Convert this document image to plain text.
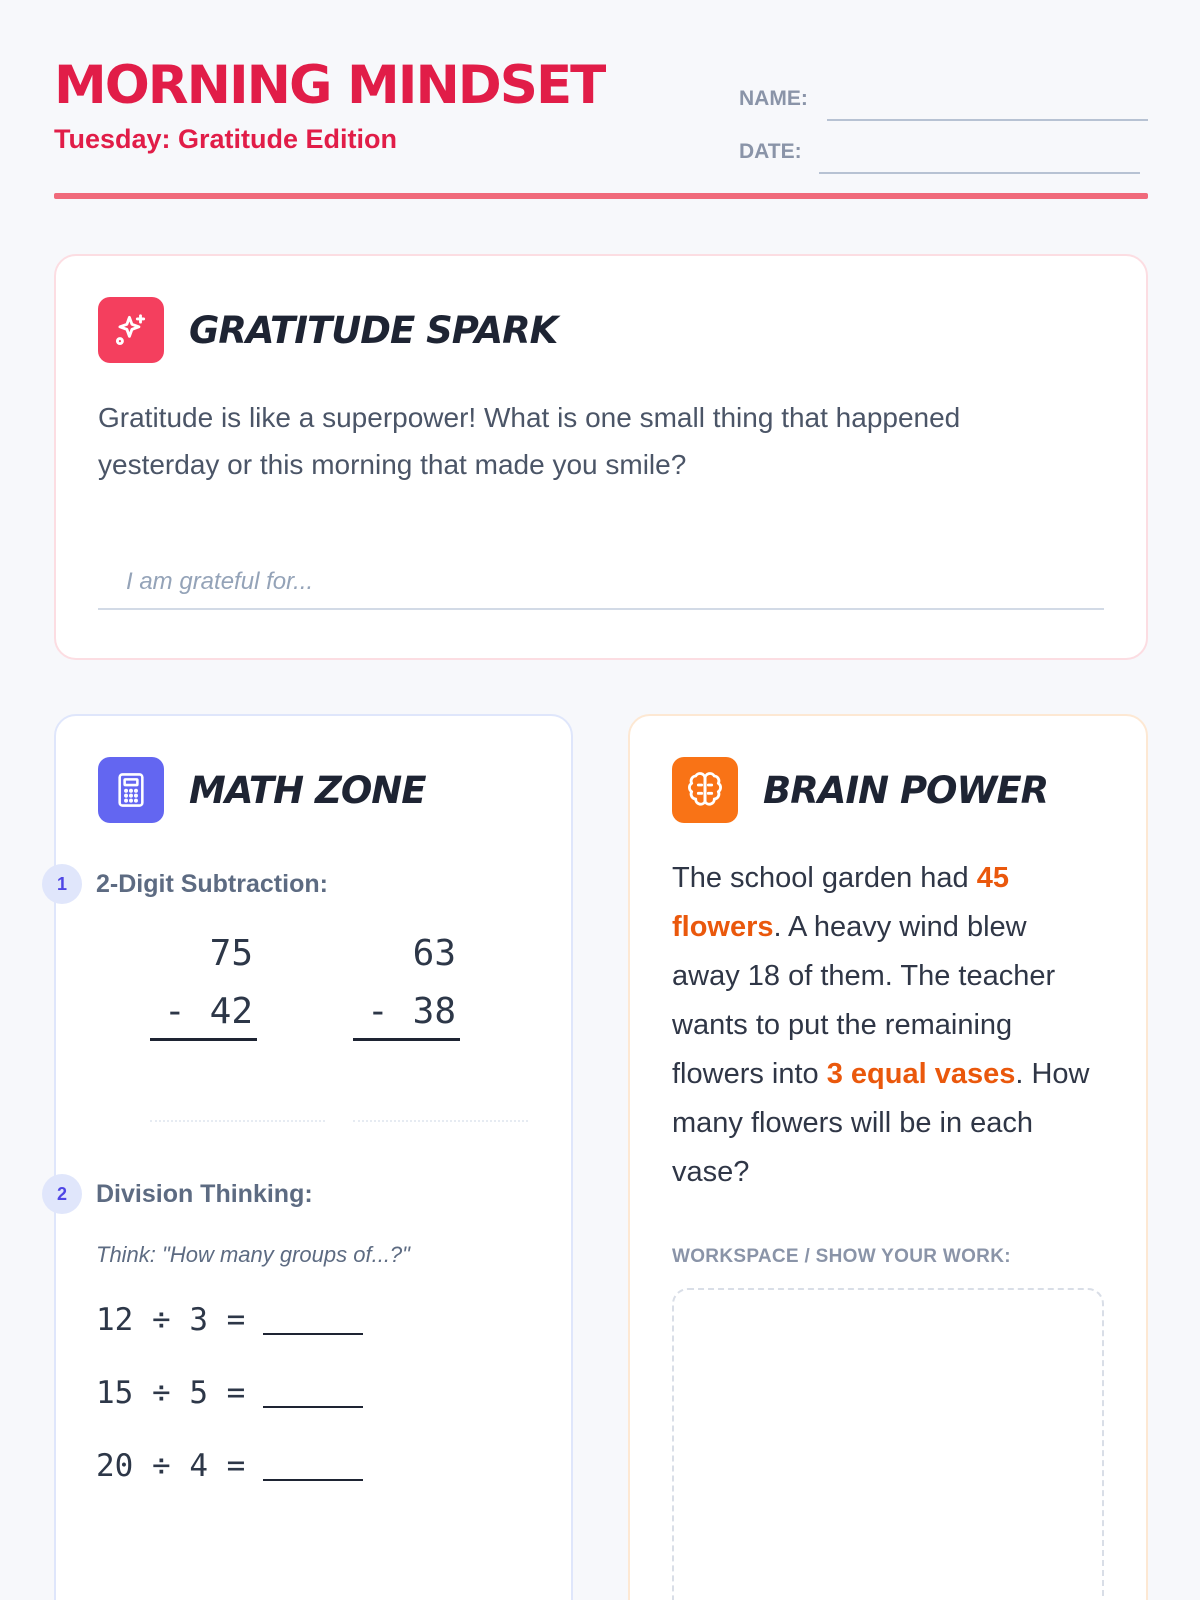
MORNING MINDSET
Tuesday: Gratitude Edition
NAME:
DATE:
GRATITUDE SPARK
Gratitude is like a superpower! What is one small thing that happened yesterday or this morning that made you smile?
I am grateful for...
MATH ZONE
1	2-Digit Subtraction:
75
- 42
63
- 38
2	Division Thinking:
Think: "How many groups of...?"
12 ÷ 3 =
15 ÷ 5 =
20 ÷ 4 =
BRAIN POWER
The school garden had 45 flowers. A heavy wind blew away 18 of them. The teacher wants to put the remaining flowers into 3 equal vases. How many flowers will be in each vase?
WORKSPACE / SHOW YOUR WORK:
